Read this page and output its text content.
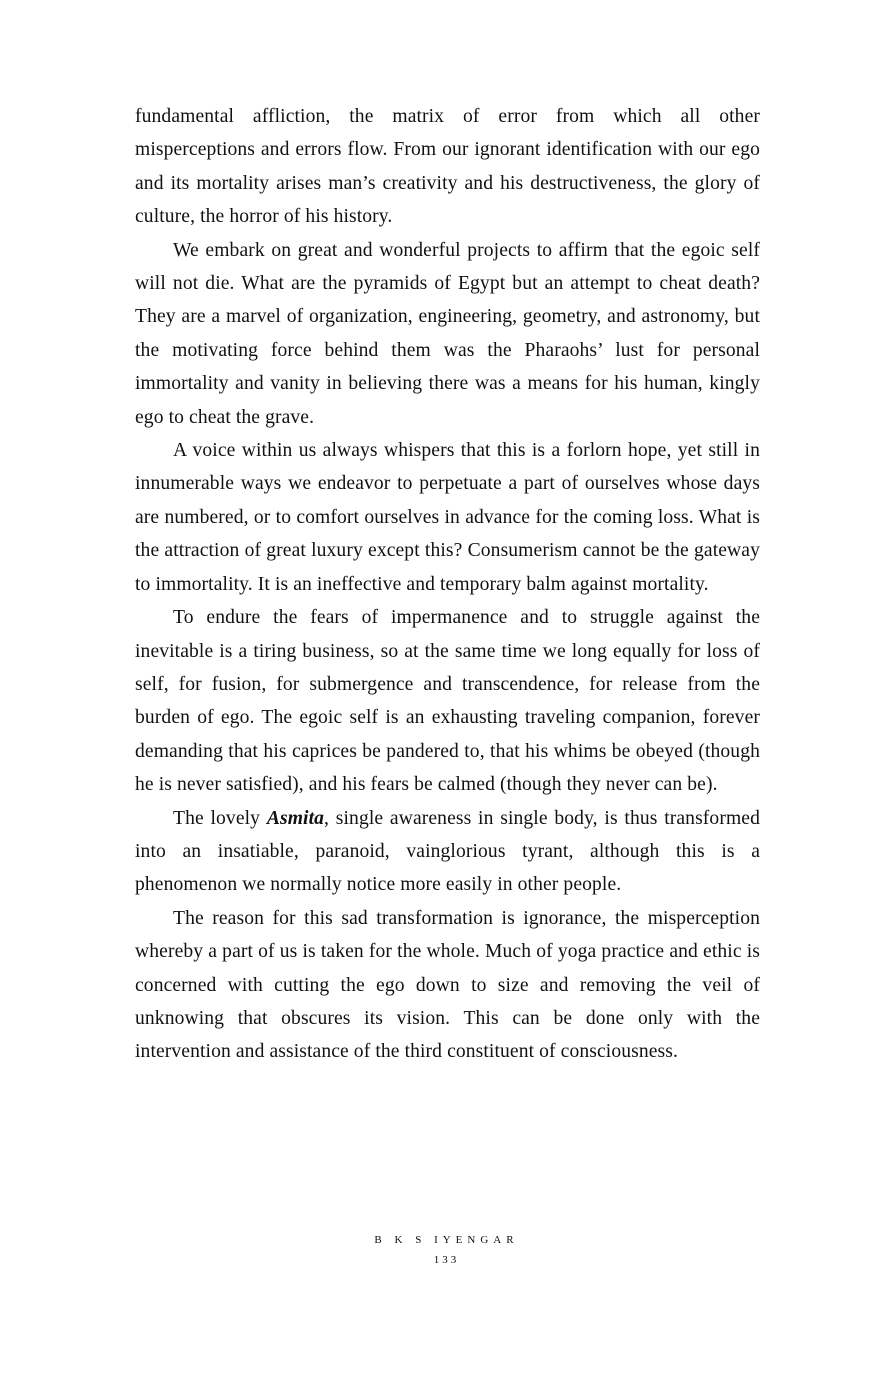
fundamental affliction, the matrix of error from which all other misperceptions and errors flow. From our ignorant identification with our ego and its mortality arises man’s creativity and his destructiveness, the glory of culture, the horror of his history.

We embark on great and wonderful projects to affirm that the egoic self will not die. What are the pyramids of Egypt but an attempt to cheat death? They are a marvel of organization, engineering, geometry, and astronomy, but the motivating force behind them was the Pharaohs’ lust for personal immortality and vanity in believing there was a means for his human, kingly ego to cheat the grave.

A voice within us always whispers that this is a forlorn hope, yet still in innumerable ways we endeavor to perpetuate a part of ourselves whose days are numbered, or to comfort ourselves in advance for the coming loss. What is the attraction of great luxury except this? Consumerism cannot be the gateway to immortality. It is an ineffective and temporary balm against mortality.

To endure the fears of impermanence and to struggle against the inevitable is a tiring business, so at the same time we long equally for loss of self, for fusion, for submergence and transcendence, for release from the burden of ego. The egoic self is an exhausting traveling companion, forever demanding that his caprices be pandered to, that his whims be obeyed (though he is never satisfied), and his fears be calmed (though they never can be).

The lovely Asmita, single awareness in single body, is thus transformed into an insatiable, paranoid, vainglorious tyrant, although this is a phenomenon we normally notice more easily in other people.

The reason for this sad transformation is ignorance, the misperception whereby a part of us is taken for the whole. Much of yoga practice and ethic is concerned with cutting the ego down to size and removing the veil of unknowing that obscures its vision. This can be done only with the intervention and assistance of the third constituent of consciousness.

B K S IYENGAR
133
